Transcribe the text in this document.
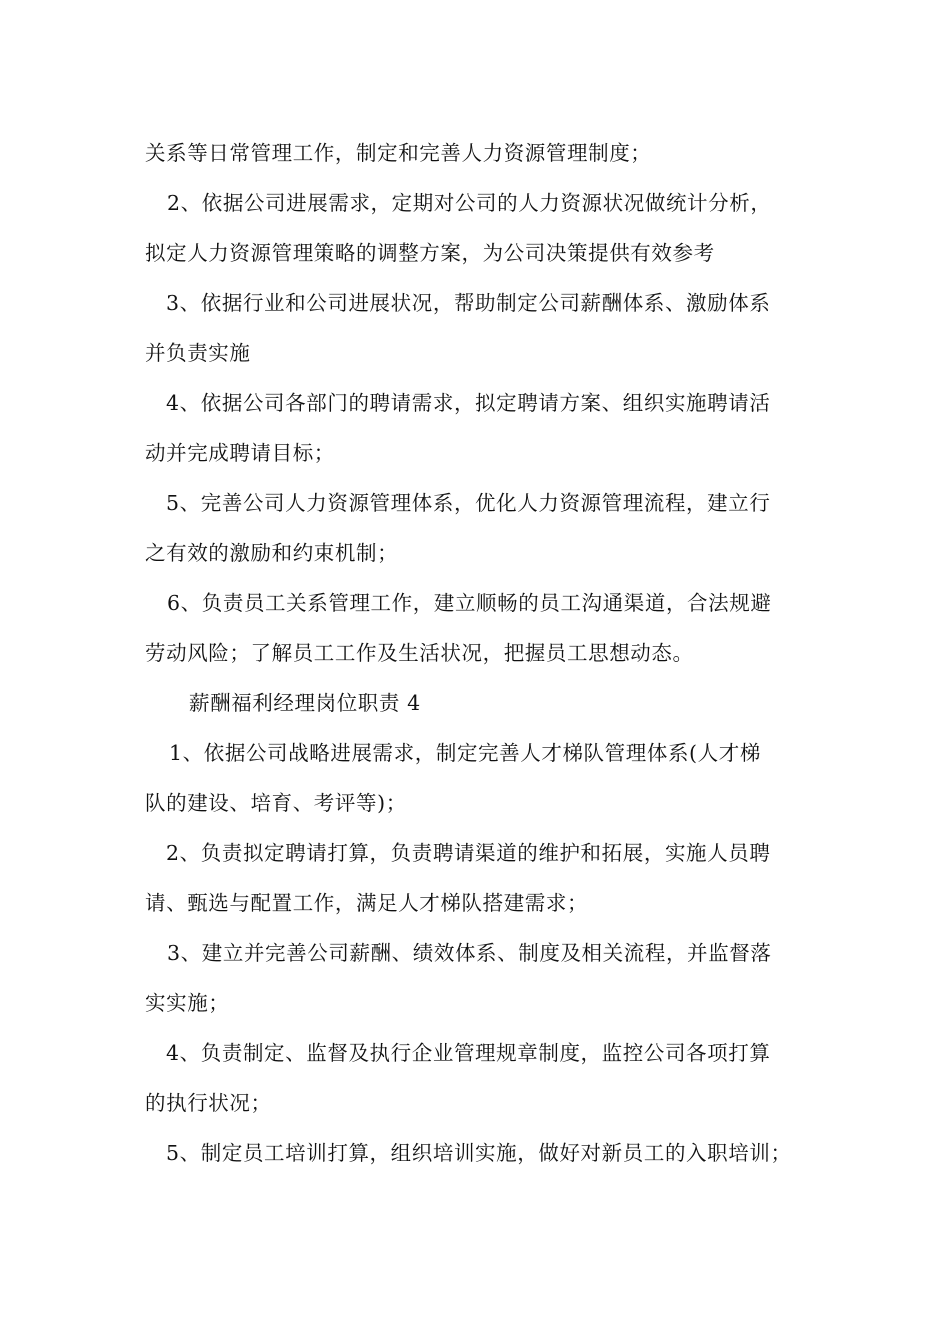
关系等日常管理工作，制定和完善人力资源管理制度；
2、依据公司进展需求，定期对公司的人力资源状况做统计分析，
拟定人力资源管理策略的调整方案，为公司决策提供有效参考
3、依据行业和公司进展状况，帮助制定公司薪酬体系、激励体系
并负责实施
4、依据公司各部门的聘请需求，拟定聘请方案、组织实施聘请活
动并完成聘请目标；
5、完善公司人力资源管理体系，优化人力资源管理流程，建立行
之有效的激励和约束机制；
6、负责员工关系管理工作，建立顺畅的员工沟通渠道，合法规避
劳动风险；了解员工工作及生活状况，把握员工思想动态。
薪酬福利经理岗位职责 4
1、依据公司战略进展需求，制定完善人才梯队管理体系(人才梯
队的建设、培育、考评等)；
2、负责拟定聘请打算，负责聘请渠道的维护和拓展，实施人员聘
请、甄选与配置工作，满足人才梯队搭建需求；
3、建立并完善公司薪酬、绩效体系、制度及相关流程，并监督落
实实施；
4、负责制定、监督及执行企业管理规章制度，监控公司各项打算
的执行状况；
5、制定员工培训打算，组织培训实施，做好对新员工的入职培训；
